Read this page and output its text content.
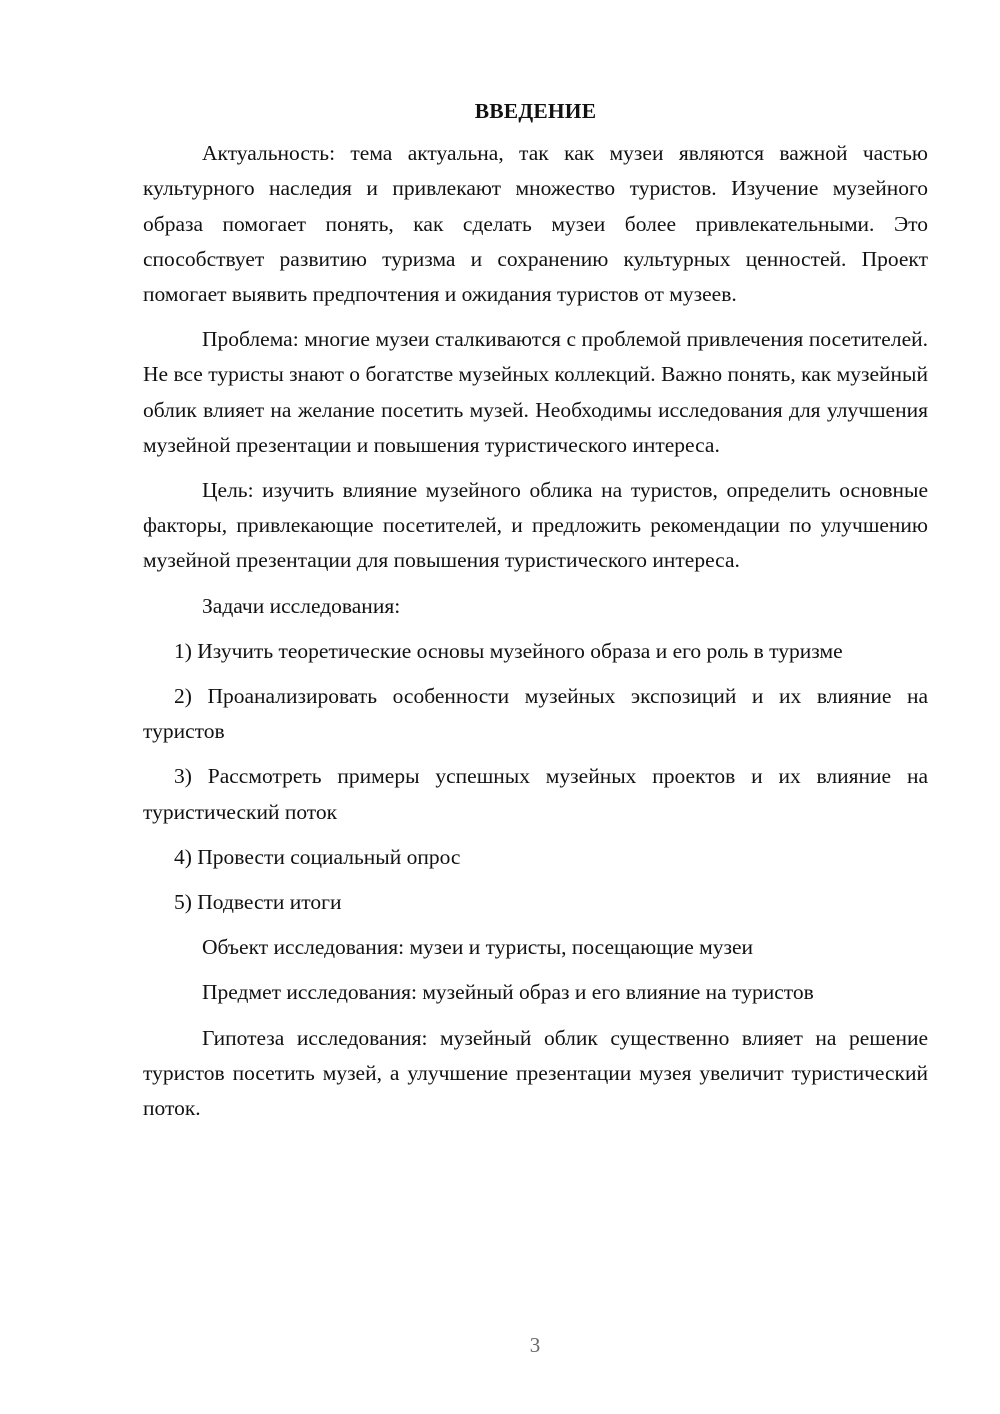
ВВЕДЕНИЕ

Актуальность: тема актуальна, так как музеи являются важной частью культурного наследия и привлекают множество туристов. Изучение музейного образа помогает понять, как сделать музеи более привлекательными. Это способствует развитию туризма и сохранению культурных ценностей. Проект помогает выявить предпочтения и ожидания туристов от музеев.

Проблема: многие музеи сталкиваются с проблемой привлечения посетителей. Не все туристы знают о богатстве музейных коллекций. Важно понять, как музейный облик влияет на желание посетить музей. Необходимы исследования для улучшения музейной презентации и повышения туристического интереса.

Цель: изучить влияние музейного облика на туристов, определить основные факторы, привлекающие посетителей, и предложить рекомендации по улучшению музейной презентации для повышения туристического интереса.

Задачи исследования:

1) Изучить теоретические основы музейного образа и его роль в туризме

2) Проанализировать особенности музейных экспозиций и их влияние на туристов

3) Рассмотреть примеры успешных музейных проектов и их влияние на туристический поток

4) Провести социальный опрос

5) Подвести итоги

Объект исследования: музеи и туристы, посещающие музеи

Предмет исследования: музейный образ и его влияние на туристов

Гипотеза исследования: музейный облик существенно влияет на решение туристов посетить музей, а улучшение презентации музея увеличит туристический поток.

3
